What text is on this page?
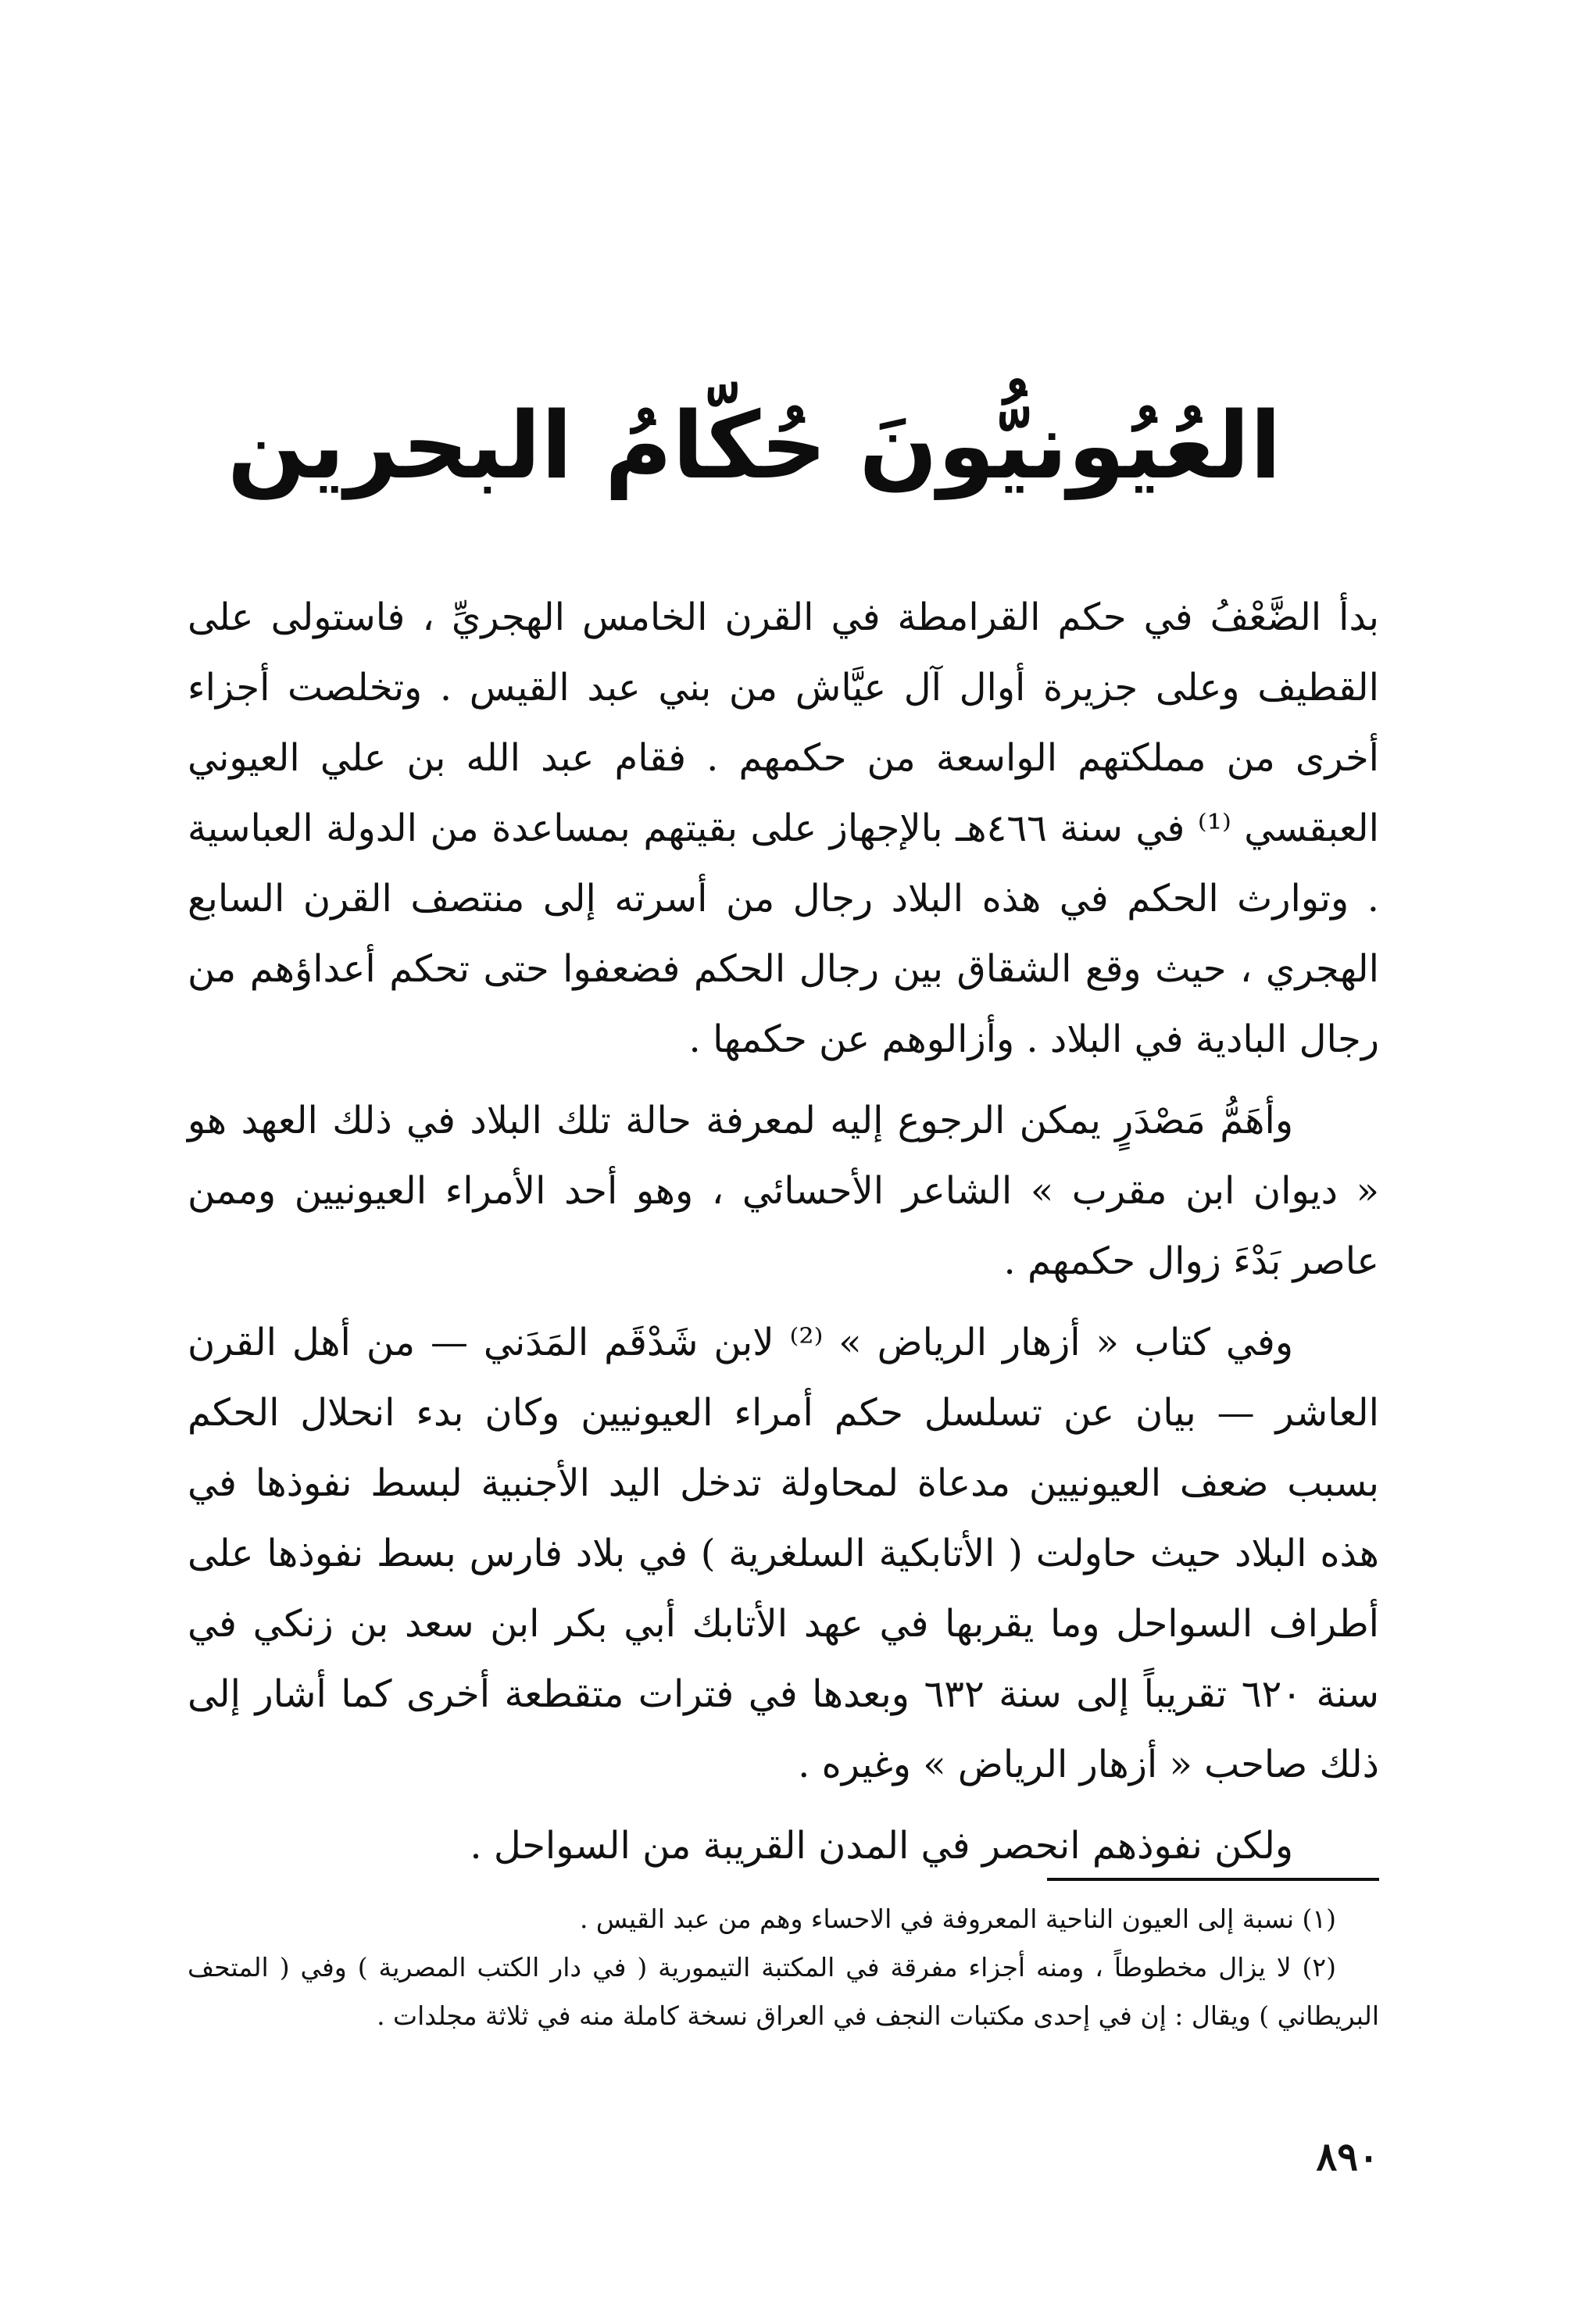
العُيُونيُّونَ حُكّامُ البحرين

بدأ الضَّعْفُ في حكم القرامطة في القرن الخامس الهجريِّ ، فاستولى على القطيف وعلى جزيرة أوال آل عيَّاش من بني عبد القيس . وتخلصت أجزاء أخرى من مملكتهم الواسعة من حكمهم . فقام عبد الله بن علي العيوني العبقسي ⁽¹⁾ في سنة ٤٦٦هـ بالإجهاز على بقيتهم بمساعدة من الدولة العباسية . وتوارث الحكم في هذه البلاد رجال من أسرته إلى منتصف القرن السابع الهجري ، حيث وقع الشقاق بين رجال الحكم فضعفوا حتى تحكم أعداؤهم من رجال البادية في البلاد . وأزالوهم عن حكمها .

وأهَمُّ مَصْدَرٍ يمكن الرجوع إليه لمعرفة حالة تلك البلاد في ذلك العهد هو « ديوان ابن مقرب » الشاعر الأحسائي ، وهو أحد الأمراء العيونيين وممن عاصر بَدْءَ زوال حكمهم .

وفي كتاب « أزهار الرياض » ⁽²⁾ لابن شَدْقَم المَدَني — من أهل القرن العاشر — بيان عن تسلسل حكم أمراء العيونيين وكان بدء انحلال الحكم بسبب ضعف العيونيين مدعاة لمحاولة تدخل اليد الأجنبية لبسط نفوذها في هذه البلاد حيث حاولت ( الأتابكية السلغرية ) في بلاد فارس بسط نفوذها على أطراف السواحل وما يقربها في عهد الأتابك أبي بكر ابن سعد بن زنكي في سنة ٦٢٠ تقريباً إلى سنة ٦٣٢ وبعدها في فترات متقطعة أخرى كما أشار إلى ذلك صاحب « أزهار الرياض » وغيره .

ولكن نفوذهم انحصر في المدن القريبة من السواحل .

(١) نسبة إلى العيون الناحية المعروفة في الاحساء وهم من عبد القيس .

(٢) لا يزال مخطوطاً ، ومنه أجزاء مفرقة في المكتبة التيمورية ( في دار الكتب المصرية ) وفي ( المتحف البريطاني ) ويقال : إن في إحدى مكتبات النجف في العراق نسخة كاملة منه في ثلاثة مجلدات .

٨٩٠
